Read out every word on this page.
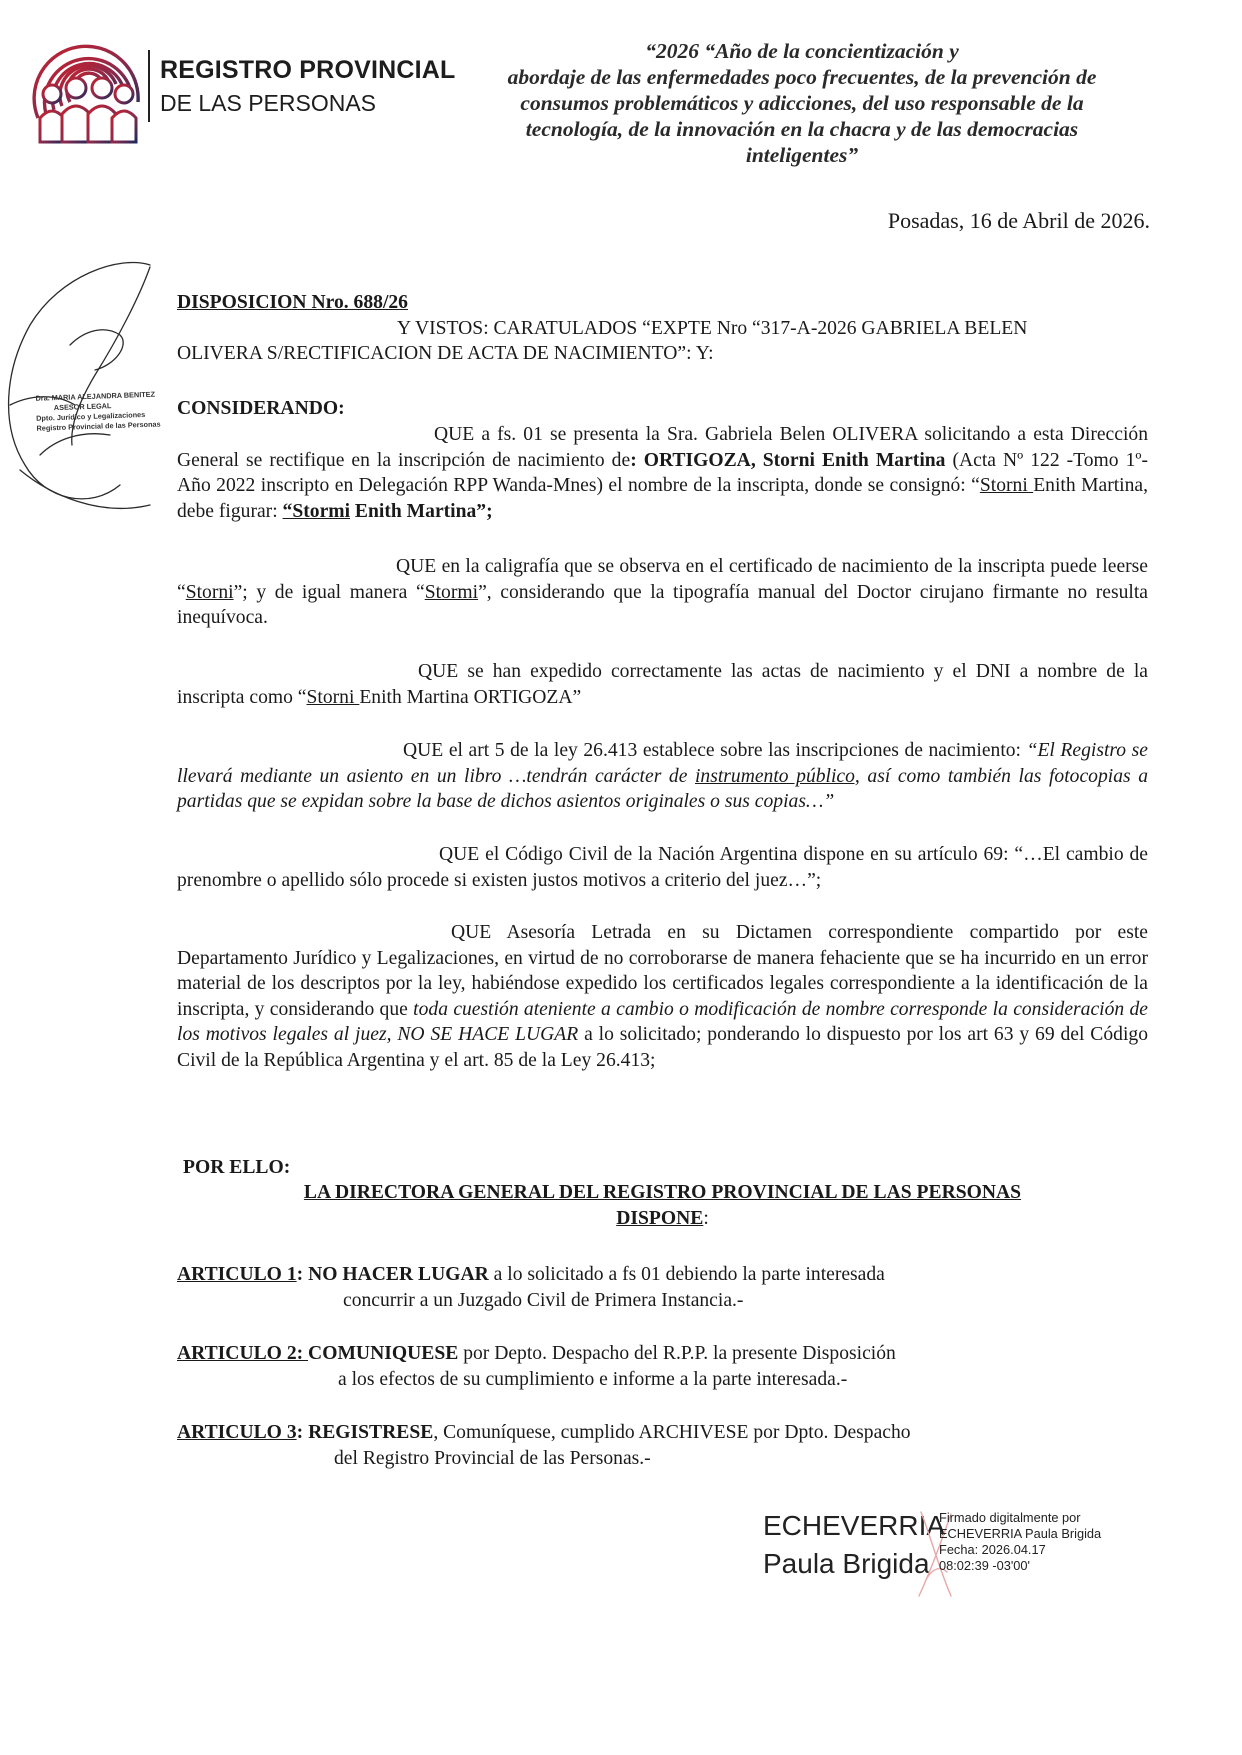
REGISTRO PROVINCIAL
DE LAS PERSONAS
“2026 “Año de la concientización y
abordaje de las enfermedades poco frecuentes, de la prevención de
consumos problemáticos y adicciones, del uso responsable de la
tecnología, de la innovación en la chacra y de las democracias
inteligentes”
Posadas, 16 de Abril de 2026.
Dra. MARIA ALEJANDRA BENITEZ
ASESOR LEGAL
Dpto. Jurídico y Legalizaciones
Registro Provincial de las Personas
DISPOSICION Nro. 688/26
Y VISTOS: CARATULADOS “EXPTE Nro “317-A-2026 GABRIELA BELEN
OLIVERA S/RECTIFICACION DE ACTA DE NACIMIENTO”: Y:
CONSIDERANDO:
QUE a fs. 01 se presenta la Sra. Gabriela Belen OLIVERA solicitando a esta Dirección General se rectifique en la inscripción de nacimiento de: ORTIGOZA, Storni Enith Martina (Acta Nº 122 -Tomo 1º- Año 2022 inscripto en Delegación RPP Wanda-Mnes) el nombre de la inscripta, donde se consignó: “Storni Enith Martina, debe figurar: “Stormi Enith Martina”;
QUE en la caligrafía que se observa en el certificado de nacimiento de la inscripta puede leerse “Storni”; y de igual manera “Stormi”, considerando que la tipografía manual del Doctor cirujano firmante no resulta inequívoca.
QUE se han expedido correctamente las actas de nacimiento y el DNI a nombre de la inscripta como “Storni Enith Martina ORTIGOZA”
QUE el art 5 de la ley 26.413 establece sobre las inscripciones de nacimiento: “El Registro se llevará mediante un asiento en un libro …tendrán carácter de instrumento público, así como también las fotocopias a partidas que se expidan sobre la base de dichos asientos originales o sus copias…”
QUE el Código Civil de la Nación Argentina dispone en su artículo 69: “…El cambio de prenombre o apellido sólo procede si existen justos motivos a criterio del juez…”;
QUE Asesoría Letrada en su Dictamen correspondiente compartido por este Departamento Jurídico y Legalizaciones, en virtud de no corroborarse de manera fehaciente que se ha incurrido en un error material de los descriptos por la ley, habiéndose expedido los certificados legales correspondiente a la identificación de la inscripta, y considerando que toda cuestión ateniente a cambio o modificación de nombre corresponde la consideración de los motivos legales al juez, NO SE HACE LUGAR a lo solicitado; ponderando lo dispuesto por los art 63 y 69 del Código Civil de la República Argentina y el art. 85 de la Ley 26.413;
POR ELLO:
LA DIRECTORA GENERAL DEL REGISTRO PROVINCIAL DE LAS PERSONAS
DISPONE:
ARTICULO 1: NO HACER LUGAR a lo solicitado a fs 01 debiendo la parte interesada
concurrir a un Juzgado Civil de Primera Instancia.-
ARTICULO 2: COMUNIQUESE por Depto. Despacho del R.P.P. la presente Disposición
a los efectos de su cumplimiento e informe a la parte interesada.-
ARTICULO 3: REGISTRESE, Comuníquese, cumplido ARCHIVESE por Dpto. Despacho
del Registro Provincial de las Personas.-
ECHEVERRIA
Paula Brigida
Firmado digitalmente por
ECHEVERRIA Paula Brigida
Fecha: 2026.04.17
08:02:39 -03'00'
